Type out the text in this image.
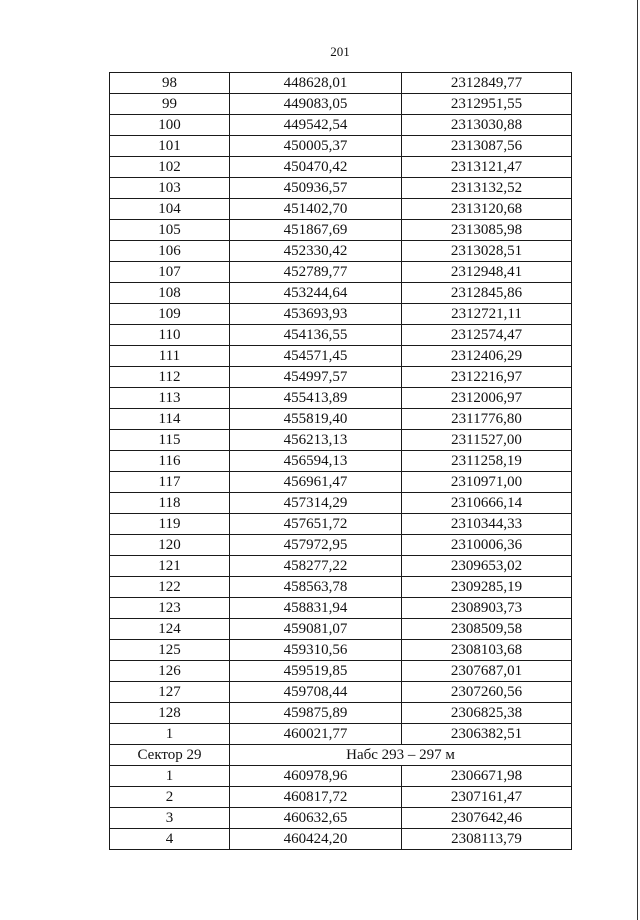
201
98	448628,01	2312849,77
99	449083,05	2312951,55
100	449542,54	2313030,88
101	450005,37	2313087,56
102	450470,42	2313121,47
103	450936,57	2313132,52
104	451402,70	2313120,68
105	451867,69	2313085,98
106	452330,42	2313028,51
107	452789,77	2312948,41
108	453244,64	2312845,86
109	453693,93	2312721,11
110	454136,55	2312574,47
111	454571,45	2312406,29
112	454997,57	2312216,97
113	455413,89	2312006,97
114	455819,40	2311776,80
115	456213,13	2311527,00
116	456594,13	2311258,19
117	456961,47	2310971,00
118	457314,29	2310666,14
119	457651,72	2310344,33
120	457972,95	2310006,36
121	458277,22	2309653,02
122	458563,78	2309285,19
123	458831,94	2308903,73
124	459081,07	2308509,58
125	459310,56	2308103,68
126	459519,85	2307687,01
127	459708,44	2307260,56
128	459875,89	2306825,38
1	460021,77	2306382,51
Сектор 29	Набс 293 – 297 м	
1	460978,96	2306671,98
2	460817,72	2307161,47
3	460632,65	2307642,46
4	460424,20	2308113,79
